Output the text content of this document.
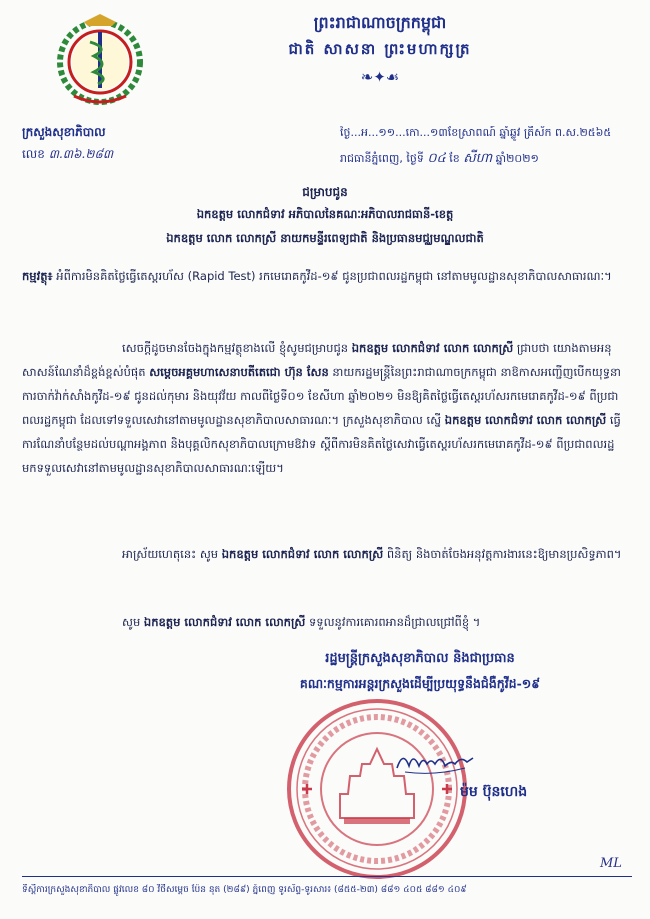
ព្រះរាជាណាចក្រកម្ពុជា
ជាតិ សាសនា ព្រះមហាក្សត្រ
❧✦☙
ក្រសួងសុខាភិបាល
លេខ ៣.៣៦.២៨៣
ថ្ងៃ...អ...១១...កោ...១៣ខែស្រាពណ៍ ឆ្នាំឆ្លូវ ត្រីស័ក ព.ស.២៥៦៥
រាជធានីភ្នំពេញ, ថ្ងៃទី ០៤ ខែ សីហា ឆ្នាំ២០២១
ជម្រាបជូន
ឯកឧត្តម លោកជំទាវ អភិបាលនៃគណៈអភិបាលរាជធានី-ខេត្ត
ឯកឧត្តម លោក លោកស្រី នាយកមន្ទីរពេទ្យជាតិ និងប្រធានមជ្ឈមណ្ឌលជាតិ
កម្មវត្ថុ៖ អំពីការមិនគិតថ្លៃធ្វើតេស្តរហ័ស (Rapid Test) រកមេរោគកូវីដ-១៩ ជូនប្រជាពលរដ្ឋកម្ពុជា នៅតាមមូលដ្ឋានសុខាភិបាលសាធារណៈ។
សេចក្តីដូចមានចែងក្នុងកម្មវត្ថុខាងលើ ខ្ញុំសូមជម្រាបជូន ឯកឧត្តម លោកជំទាវ លោក លោកស្រី ជ្រាបថា យោងតាមអនុសាសន៍ណែនាំដ៏ខ្ពង់ខ្ពស់បំផុត សម្តេចអគ្គមហាសេនាបតីតេជោ ហ៊ុន សែន នាយករដ្ឋមន្ត្រីនៃព្រះរាជាណាចក្រកម្ពុជា នាឱកាសអញ្ជើញបើកយុទ្ធនាការចាក់វ៉ាក់សាំងកូវីដ-១៩ ជូនដល់កុមារ និងយុវវ័យ កាលពីថ្ងៃទី០១ ខែសីហា ឆ្នាំ២០២១ មិនឱ្យគិតថ្លៃធ្វើតេស្តរហ័សរកមេរោគកូវីដ-១៩ ពីប្រជាពលរដ្ឋកម្ពុជា ដែលទៅទទួលសេវានៅតាមមូលដ្ឋានសុខាភិបាលសាធារណៈ។ ក្រសួងសុខាភិបាល ស្នើ ឯកឧត្តម លោកជំទាវ លោក លោកស្រី ធ្វើការណែនាំបន្ថែមដល់បណ្តាអង្គភាព និងបុគ្គលិកសុខាភិបាលក្រោមឱវាទ ស្តីពីការមិនគិតថ្លៃសេវាធ្វើតេស្តរហ័សរកមេរោគកូវីដ-១៩ ពីប្រជាពលរដ្ឋ មកទទួលសេវានៅតាមមូលដ្ឋានសុខាភិបាលសាធារណៈឡើយ។
អាស្រ័យហេតុនេះ សូម ឯកឧត្តម លោកជំទាវ លោក លោកស្រី ពិនិត្យ និងចាត់ចែងអនុវត្តការងារនេះឱ្យមានប្រសិទ្ធភាព។
សូម ឯកឧត្តម លោកជំទាវ លោក លោកស្រី ទទួលនូវការគោរពអានដ៏ជ្រាលជ្រៅពីខ្ញុំ ។
រដ្ឋមន្ត្រីក្រសួងសុខាភិបាល និងជាប្រធាន
គណៈកម្មការអន្តរក្រសួងដើម្បីប្រយុទ្ធនឹងជំងឺកូវីដ-១៩
ម៉ម ប៊ុនហេង
ML
ទីស្តីការក្រសួងសុខាភិបាល ផ្លូវលេខ ៨០ វិថីសម្តេច ប៉ែន នុត (២៨៩) ភ្នំពេញ ទូរស័ព្ទ-ទូរសារ៖ (៨៥៥-២៣) ៨៨១ ៤០៥ ៨៨១ ៤០៩
